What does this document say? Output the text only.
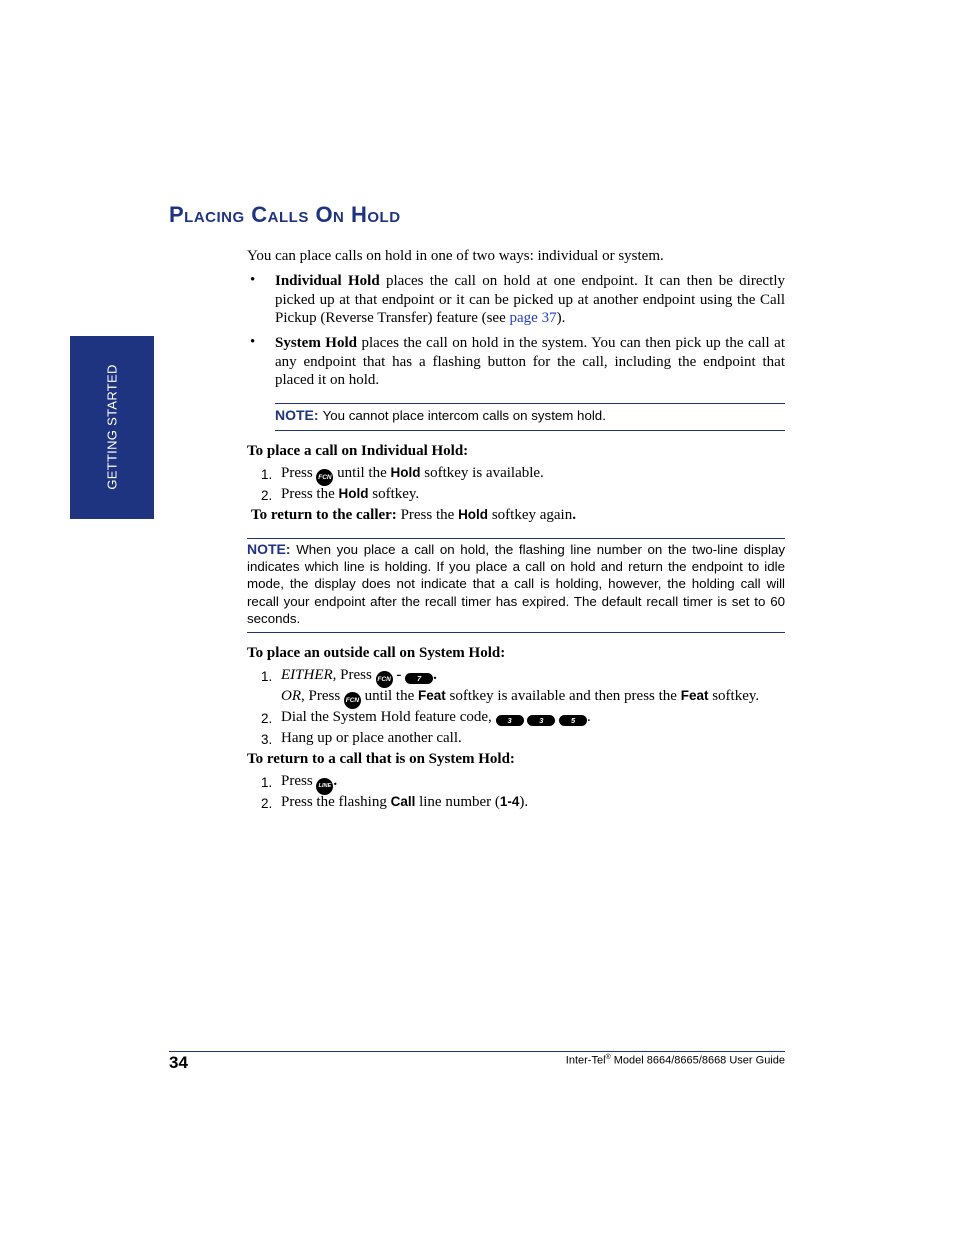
GETTING STARTED
Placing Calls On Hold
You can place calls on hold in one of two ways: individual or system.
• Individual Hold places the call on hold at one endpoint. It can then be directly picked up at that endpoint or it can be picked up at another endpoint using the Call Pickup (Reverse Transfer) feature (see page 37).
• System Hold places the call on hold in the system. You can then pick up the call at any endpoint that has a flashing button for the call, including the endpoint that placed it on hold.
NOTE: You cannot place intercom calls on system hold.
To place a call on Individual Hold:
1. Press FCN until the Hold softkey is available.
2. Press the Hold softkey.
To return to the caller: Press the Hold softkey again.
NOTE: When you place a call on hold, the flashing line number on the two-line display indicates which line is holding. If you place a call on hold and return the endpoint to idle mode, the display does not indicate that a call is holding, however, the holding call will recall your endpoint after the recall timer has expired. The default recall timer is set to 60 seconds.
To place an outside call on System Hold:
1. EITHER, Press FCN - 7 .
OR, Press FCN until the Feat softkey is available and then press the Feat softkey.
2. Dial the System Hold feature code, 3	3	5 .
3. Hang up or place another call.
To return to a call that is on System Hold:
1. Press LINE .
2. Press the flashing Call line number (1-4).
34	Inter-Tel® Model 8664/8665/8668 User Guide
